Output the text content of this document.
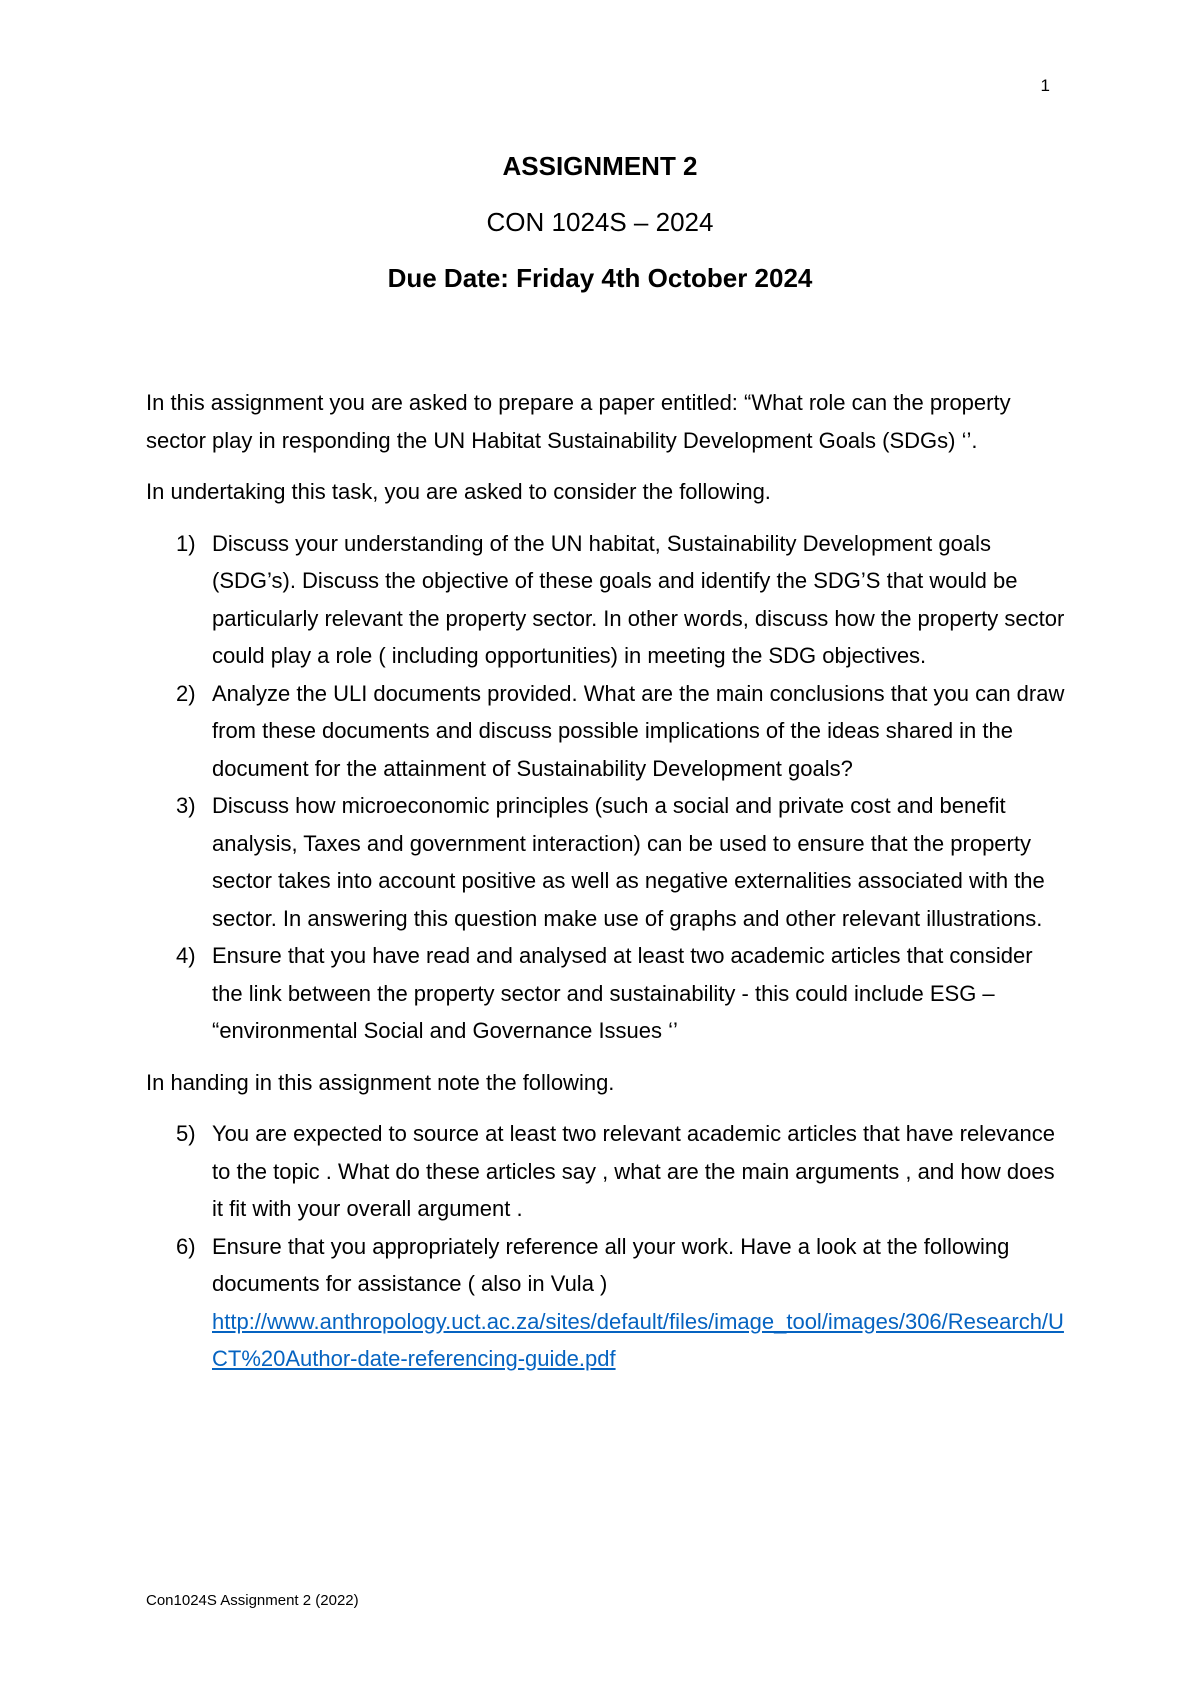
1
ASSIGNMENT 2
CON 1024S – 2024
Due Date: Friday 4th October 2024

In this assignment you are asked to prepare a paper entitled: “What role can the property sector play in responding the UN Habitat Sustainability Development Goals (SDGs) ‘’.

In undertaking this task, you are asked to consider the following.

1) Discuss your understanding of the UN habitat, Sustainability Development goals (SDG’s). Discuss the objective of these goals and identify the SDG’S that would be particularly relevant the property sector. In other words, discuss how the property sector could play a role ( including opportunities) in meeting the SDG objectives.
2) Analyze the ULI documents provided. What are the main conclusions that you can draw from these documents and discuss possible implications of the ideas shared in the document for the attainment of Sustainability Development goals?
3) Discuss how microeconomic principles (such a social and private cost and benefit analysis, Taxes and government interaction) can be used to ensure that the property sector takes into account positive as well as negative externalities associated with the sector. In answering this question make use of graphs and other relevant illustrations.
4) Ensure that you have read and analysed at least two academic articles that consider the link between the property sector and sustainability - this could include ESG – “environmental Social and Governance Issues ‘’

In handing in this assignment note the following.

5) You are expected to source at least two relevant academic articles that have relevance to the topic . What do these articles say , what are the main arguments , and how does it fit with your overall argument .
6) Ensure that you appropriately reference all your work. Have a look at the following documents for assistance ( also in Vula )
http://www.anthropology.uct.ac.za/sites/default/files/image_tool/images/306/Research/UCT%20Author-date-referencing-guide.pdf
Con1024S Assignment 2 (2022)
